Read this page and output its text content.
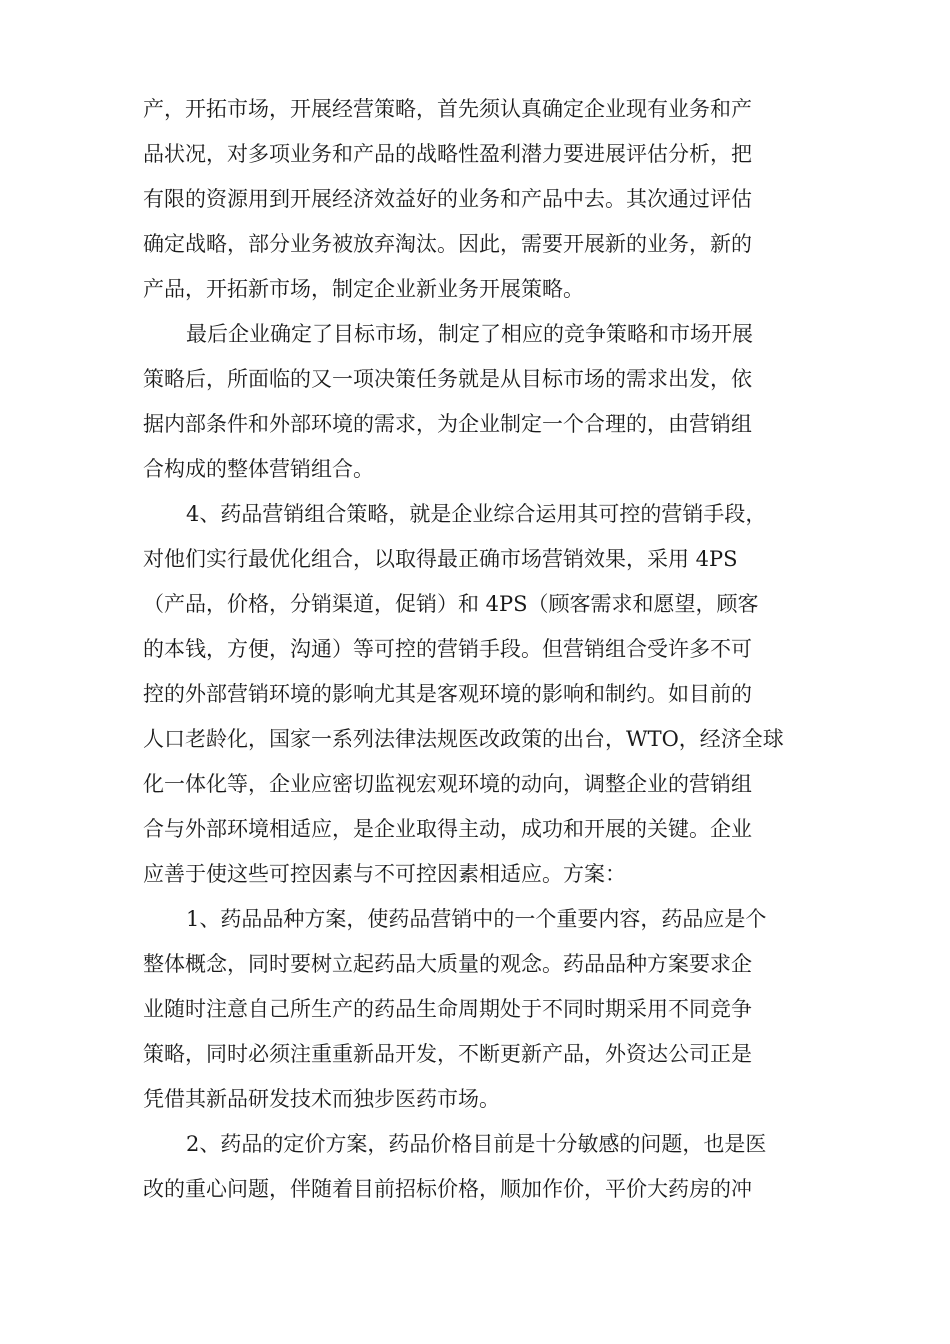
产，开拓市场，开展经营策略，首先须认真确定企业现有业务和产
品状况，对多项业务和产品的战略性盈利潜力要进展评估分析，把
有限的资源用到开展经济效益好的业务和产品中去。其次通过评估
确定战略，部分业务被放弃淘汰。因此，需要开展新的业务，新的
产品，开拓新市场，制定企业新业务开展策略。
最后企业确定了目标市场，制定了相应的竞争策略和市场开展
策略后，所面临的又一项决策任务就是从目标市场的需求出发，依
据内部条件和外部环境的需求，为企业制定一个合理的，由营销组
合构成的整体营销组合。
4、药品营销组合策略，就是企业综合运用其可控的营销手段，
对他们实行最优化组合，以取得最正确市场营销效果，采用 4PS
（产品，价格，分销渠道，促销）和 4PS（顾客需求和愿望，顾客
的本钱，方便，沟通）等可控的营销手段。但营销组合受许多不可
控的外部营销环境的影响尤其是客观环境的影响和制约。如目前的
人口老龄化，国家一系列法律法规医改政策的出台，WTO，经济全球
化一体化等，企业应密切监视宏观环境的动向，调整企业的营销组
合与外部环境相适应，是企业取得主动，成功和开展的关键。企业
应善于使这些可控因素与不可控因素相适应。方案：
1、药品品种方案，使药品营销中的一个重要内容，药品应是个
整体概念，同时要树立起药品大质量的观念。药品品种方案要求企
业随时注意自己所生产的药品生命周期处于不同时期采用不同竞争
策略，同时必须注重重新品开发，不断更新产品，外资达公司正是
凭借其新品研发技术而独步医药市场。
2、药品的定价方案，药品价格目前是十分敏感的问题，也是医
改的重心问题，伴随着目前招标价格，顺加作价，平价大药房的冲
